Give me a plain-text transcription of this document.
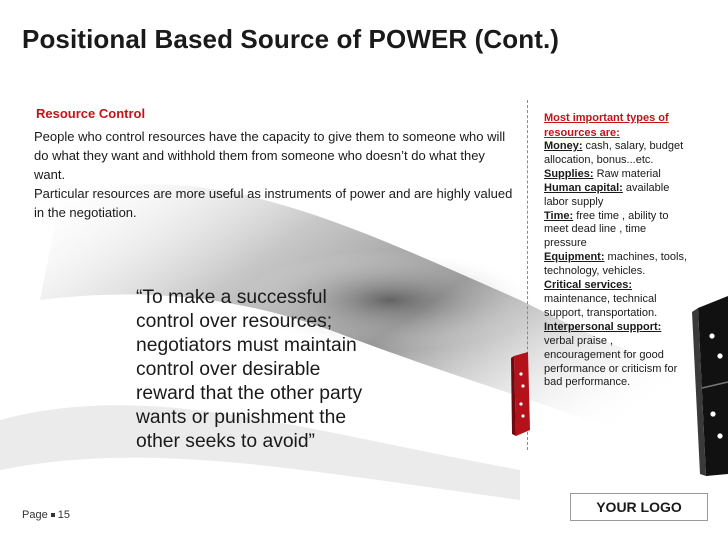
Positional Based Source of POWER (Cont.)
Resource Control

People who control resources have the capacity to give them to someone who will do what they want and withhold them from someone who doesn’t do what they want.

Particular resources are more useful as instruments of power and are highly valued in the negotiation.

“To make a successful
control over resources;
negotiators must maintain
control over desirable
reward that the other party
wants or punishment the
other seeks to avoid”
Most important types of resources are:
Money: cash, salary, budget allocation, bonus...etc.
Supplies: Raw material
Human capital: available labor supply
Time: free time , ability to meet dead line , time pressure
Equipment: machines, tools, technology, vehicles.
Critical services: maintenance, technical support, transportation.
Interpersonal support: verbal praise , encouragement for good performance or criticism for bad performance.
Page 15	YOUR LOGO
